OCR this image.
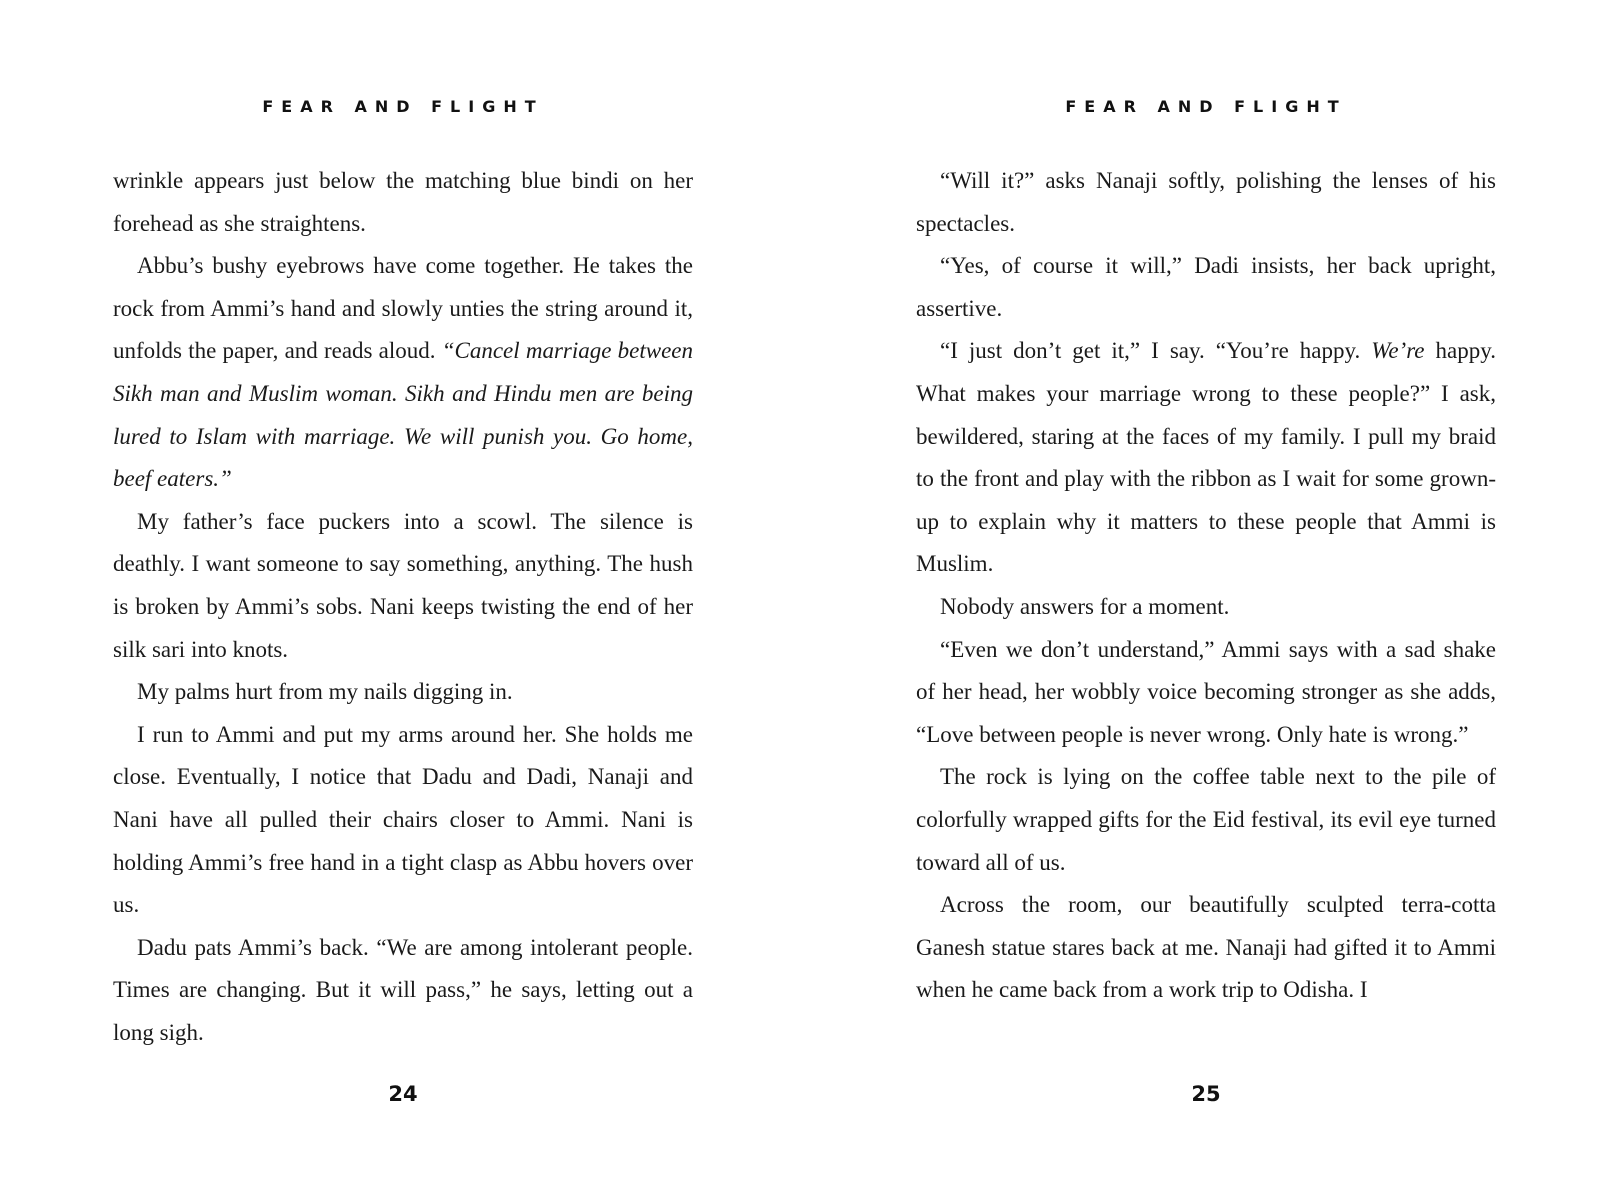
FEAR AND FLIGHT

wrinkle appears just below the matching blue bindi on her forehead as she straightens.

Abbu’s bushy eyebrows have come together. He takes the rock from Ammi’s hand and slowly unties the string around it, unfolds the paper, and reads aloud. “Cancel marriage between Sikh man and Muslim woman. Sikh and Hindu men are being lured to Islam with marriage. We will punish you. Go home, beef eaters.”

My father’s face puckers into a scowl. The silence is deathly. I want someone to say something, anything. The hush is broken by Ammi’s sobs. Nani keeps twisting the end of her silk sari into knots.

My palms hurt from my nails digging in.

I run to Ammi and put my arms around her. She holds me close. Eventually, I notice that Dadu and Dadi, Nanaji and Nani have all pulled their chairs closer to Ammi. Nani is holding Ammi’s free hand in a tight clasp as Abbu hovers over us.

Dadu pats Ammi’s back. “We are among intolerant people. Times are changing. But it will pass,” he says, letting out a long sigh.

24
FEAR AND FLIGHT

“Will it?” asks Nanaji softly, polishing the lenses of his spectacles.

“Yes, of course it will,” Dadi insists, her back upright, assertive.

“I just don’t get it,” I say. “You’re happy. We’re happy. What makes your marriage wrong to these people?” I ask, bewildered, staring at the faces of my family. I pull my braid to the front and play with the ribbon as I wait for some grown-up to explain why it matters to these people that Ammi is Muslim.

Nobody answers for a moment.

“Even we don’t understand,” Ammi says with a sad shake of her head, her wobbly voice becoming stronger as she adds, “Love between people is never wrong. Only hate is wrong.”

The rock is lying on the coffee table next to the pile of colorfully wrapped gifts for the Eid festival, its evil eye turned toward all of us.

Across the room, our beautifully sculpted terra-cotta Ganesh statue stares back at me. Nanaji had gifted it to Ammi when he came back from a work trip to Odisha. I

25
